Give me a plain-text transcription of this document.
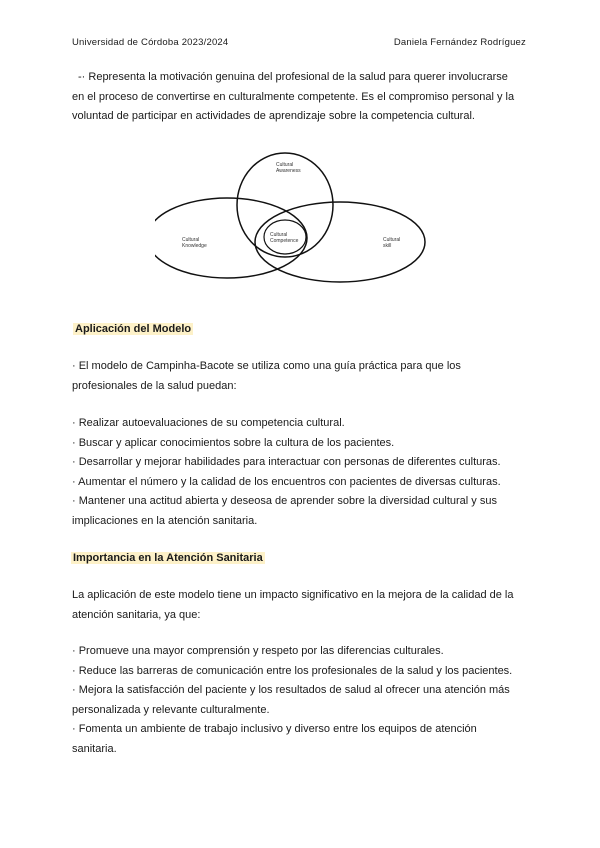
Universidad de Córdoba 2023/2024	Daniela Fernández Rodríguez
-· Representa la motivación genuina del profesional de la salud para querer involucrarse
en el proceso de convertirse en culturalmente competente. Es el compromiso personal y la
voluntad de participar en actividades de aprendizaje sobre la competencia cultural.
Cultural
Awareness
Cultural
Knowledge
Cultural
skill
Cultural
Competence
Aplicación del Modelo
· El modelo de Campinha-Bacote se utiliza como una guía práctica para que los
profesionales de la salud puedan:
· Realizar autoevaluaciones de su competencia cultural.
· Buscar y aplicar conocimientos sobre la cultura de los pacientes.
· Desarrollar y mejorar habilidades para interactuar con personas de diferentes culturas.
· Aumentar el número y la calidad de los encuentros con pacientes de diversas culturas.
· Mantener una actitud abierta y deseosa de aprender sobre la diversidad cultural y sus
implicaciones en la atención sanitaria.
Importancia en la Atención Sanitaria
La aplicación de este modelo tiene un impacto significativo en la mejora de la calidad de la
atención sanitaria, ya que:
· Promueve una mayor comprensión y respeto por las diferencias culturales.
· Reduce las barreras de comunicación entre los profesionales de la salud y los pacientes.
· Mejora la satisfacción del paciente y los resultados de salud al ofrecer una atención más
personalizada y relevante culturalmente.
· Fomenta un ambiente de trabajo inclusivo y diverso entre los equipos de atención
sanitaria.
